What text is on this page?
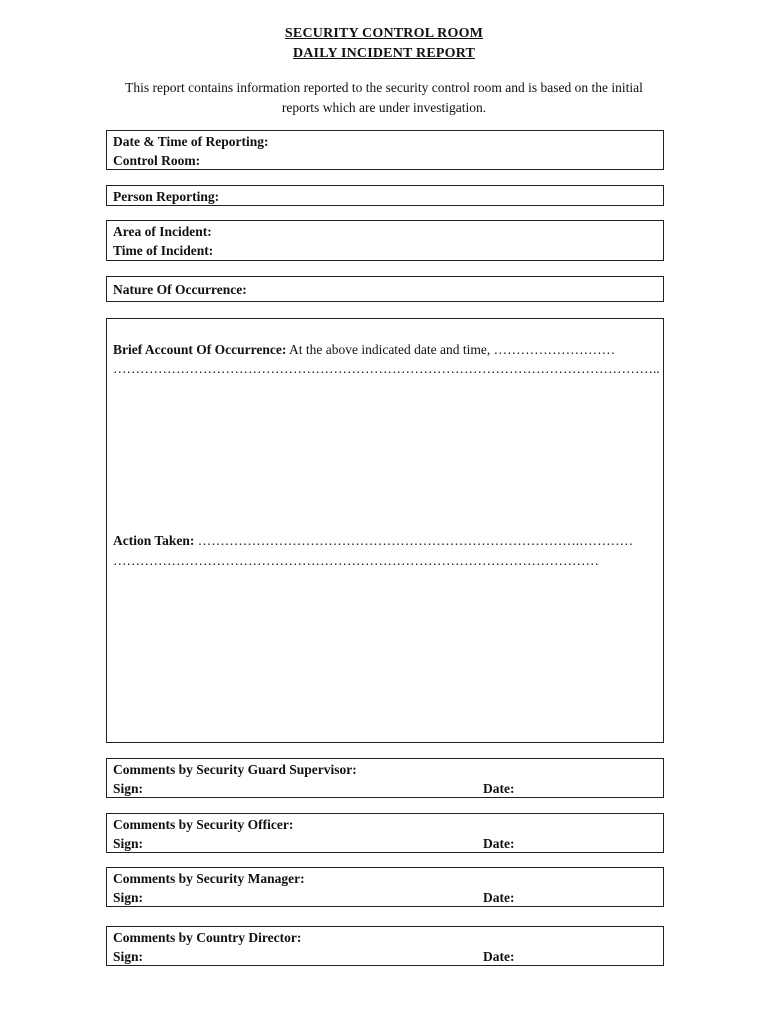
SECURITY CONTROL ROOM
DAILY INCIDENT REPORT
This report contains information reported to the security control room and is based on the initial reports which are under investigation.
Date & Time of Reporting:
Control Room:
Person Reporting:
Area of Incident:
Time of Incident:
Nature Of Occurrence:
Brief Account Of Occurrence: At the above indicated date and time, ………………………
…………………………………………………………………………………………………………..
Action Taken: ………………………………………………………………………….…………
………………………………………………………………………………………………
Comments by Security Guard Supervisor:
Sign:	Date:
Comments by Security Officer:
Sign:	Date:
Comments by Security Manager:
Sign:	Date:
Comments by Country Director:
Sign:	Date:
